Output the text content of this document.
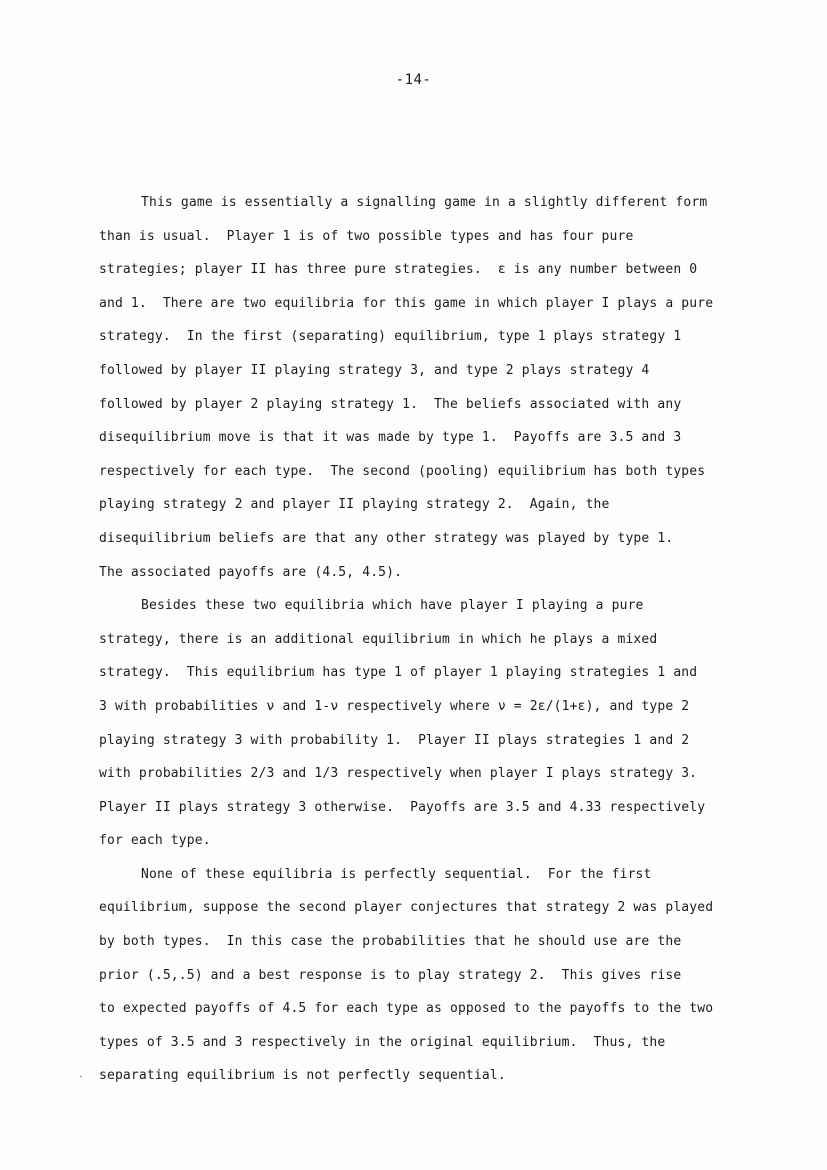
-14-
This game is essentially a signalling game in a slightly different form
than is usual.  Player 1 is of two possible types and has four pure
strategies; player II has three pure strategies.  ε is any number between 0
and 1.  There are two equilibria for this game in which player I plays a pure
strategy.  In the first (separating) equilibrium, type 1 plays strategy 1
followed by player II playing strategy 3, and type 2 plays strategy 4
followed by player 2 playing strategy 1.  The beliefs associated with any
disequilibrium move is that it was made by type 1.  Payoffs are 3.5 and 3
respectively for each type.  The second (pooling) equilibrium has both types
playing strategy 2 and player II playing strategy 2.  Again, the
disequilibrium beliefs are that any other strategy was played by type 1.
The associated payoffs are (4.5, 4.5).
Besides these two equilibria which have player I playing a pure
strategy, there is an additional equilibrium in which he plays a mixed
strategy.  This equilibrium has type 1 of player 1 playing strategies 1 and
3 with probabilities ν and 1-ν respectively where ν = 2ε/(1+ε), and type 2
playing strategy 3 with probability 1.  Player II plays strategies 1 and 2
with probabilities 2/3 and 1/3 respectively when player I plays strategy 3.
Player II plays strategy 3 otherwise.  Payoffs are 3.5 and 4.33 respectively
for each type.
None of these equilibria is perfectly sequential.  For the first
equilibrium, suppose the second player conjectures that strategy 2 was played
by both types.  In this case the probabilities that he should use are the
prior (.5,.5) and a best response is to play strategy 2.  This gives rise
to expected payoffs of 4.5 for each type as opposed to the payoffs to the two
types of 3.5 and 3 respectively in the original equilibrium.  Thus, the
separating equilibrium is not perfectly sequential.
